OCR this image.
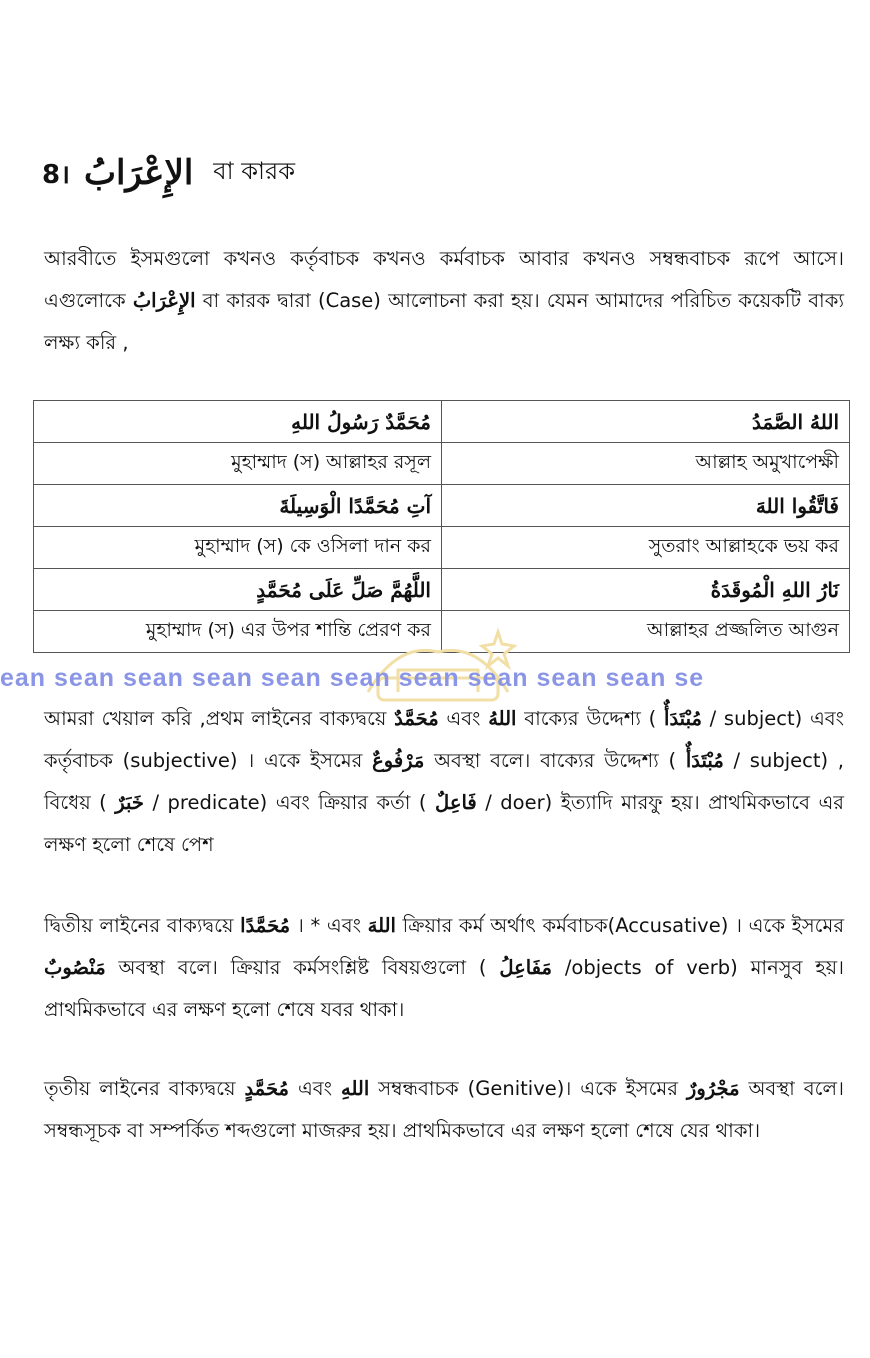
8। الإِعْرَابُ বা কারক
আরবীতে ইসমগুলো কখনও কর্তৃবাচক কখনও কর্মবাচক আবার কখনও সম্বন্ধবাচক রূপে আসে। এগুলোকে الإِعْرَابُ বা কারক দ্বারা (Case) আলোচনা করা হয়। যেমন আমাদের পরিচিত কয়েকটি বাক্য লক্ষ্য করি ,
مُحَمَّدٌ رَسُولُ اللهِ	اللهُ الصَّمَدُ
মুহাম্মাদ (স) আল্লাহর রসূল	আল্লাহ অমুখাপেক্ষী
آتِ مُحَمَّدًا الْوَسِيلَةَ	فَاتَّقُوا اللهَ
মুহাম্মাদ (স) কে ওসিলা দান কর	সুতরাং আল্লাহকে ভয় কর
اللَّهُمَّ صَلِّ عَلَى مُحَمَّدٍ	نَارُ اللهِ الْمُوقَدَةُ
মুহাম্মাদ (স) এর উপর শান্তি প্রেরণ কর	আল্লাহর প্রজ্জলিত আগুন
ean sean sean sean sean sean sean sean sean sean se
আমরা খেয়াল করি ,প্রথম লাইনের বাক্যদ্বয়ে مُحَمَّدٌ এবং اللهُ বাক্যের উদ্দেশ্য ( مُبْتَدَأٌ / subject) এবং কর্তৃবাচক (subjective) । একে ইসমের مَرْفُوعٌ অবস্থা বলে। বাক্যের উদ্দেশ্য ( مُبْتَدَأٌ / subject) , বিধেয় ( خَبَرٌ / predicate) এবং ক্রিয়ার কর্তা ( فَاعِلٌ / doer) ইত্যাদি মারফু হয়। প্রাথমিকভাবে এর লক্ষণ হলো শেষে পেশ
দ্বিতীয় লাইনের বাক্যদ্বয়ে مُحَمَّدًا । * এবং اللهَ ক্রিয়ার কর্ম অর্থাৎ কর্মবাচক(Accusative) । একে ইসমের مَنْصُوبٌ অবস্থা বলে। ক্রিয়ার কর্মসংশ্লিষ্ট বিষয়গুলো ( مَفَاعِلُ /objects of verb) মানসুব হয়। প্রাথমিকভাবে এর লক্ষণ হলো শেষে যবর থাকা।
তৃতীয় লাইনের বাক্যদ্বয়ে مُحَمَّدٍ এবং اللهِ সম্বন্ধবাচক (Genitive)। একে ইসমের مَجْرُورٌ অবস্থা বলে। সম্বন্ধসূচক বা সম্পর্কিত শব্দগুলো মাজরুর হয়। প্রাথমিকভাবে এর লক্ষণ হলো শেষে যের থাকা।
